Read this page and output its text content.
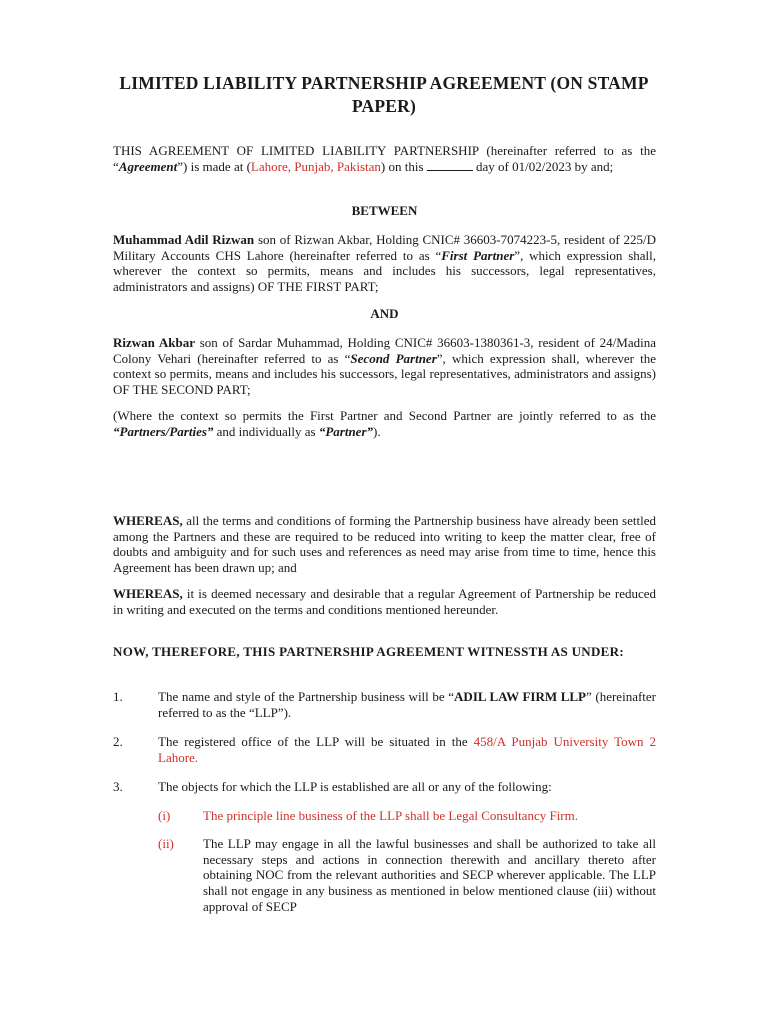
LIMITED LIABILITY PARTNERSHIP AGREEMENT (ON STAMP PAPER)

THIS AGREEMENT OF LIMITED LIABILITY PARTNERSHIP (hereinafter referred to as the “Agreement”) is made at (Lahore, Punjab, Pakistan) on this	day of 01/02/2023 by and;

BETWEEN

Muhammad Adil Rizwan son of Rizwan Akbar, Holding CNIC# 36603-7074223-5, resident of 225/D Military Accounts CHS Lahore (hereinafter referred to as “First Partner”, which expression shall, wherever the context so permits, means and includes his successors, legal representatives, administrators and assigns) OF THE FIRST PART;

AND

Rizwan Akbar son of Sardar Muhammad, Holding CNIC# 36603-1380361-3, resident of 24/Madina Colony Vehari (hereinafter referred to as “Second Partner”, which expression shall, wherever the context so permits, means and includes his successors, legal representatives, administrators and assigns) OF THE SECOND PART;

(Where the context so permits the First Partner and Second Partner are jointly referred to as the “Partners/Parties” and individually as “Partner”).

WHEREAS, all the terms and conditions of forming the Partnership business have already been settled among the Partners and these are required to be reduced into writing to keep the matter clear, free of doubts and ambiguity and for such uses and references as need may arise from time to time, hence this Agreement has been drawn up; and

WHEREAS, it is deemed necessary and desirable that a regular Agreement of Partnership be reduced in writing and executed on the terms and conditions mentioned hereunder.

NOW, THEREFORE, THIS PARTNERSHIP AGREEMENT WITNESSTH AS UNDER:

1.	The name and style of the Partnership business will be “ADIL LAW FIRM LLP” (hereinafter referred to as the “LLP”).

2.	The registered office of the LLP will be situated in the 458/A Punjab University Town 2 Lahore.

3.	The objects for which the LLP is established are all or any of the following:

(i)	The principle line business of the LLP shall be Legal Consultancy Firm.

(ii) The LLP may engage in all the lawful businesses and shall be authorized to take all necessary steps and actions in connection therewith and ancillary thereto after obtaining NOC from the relevant authorities and SECP wherever applicable. The LLP shall not engage in any business as mentioned in below mentioned clause (iii) without approval of SECP
